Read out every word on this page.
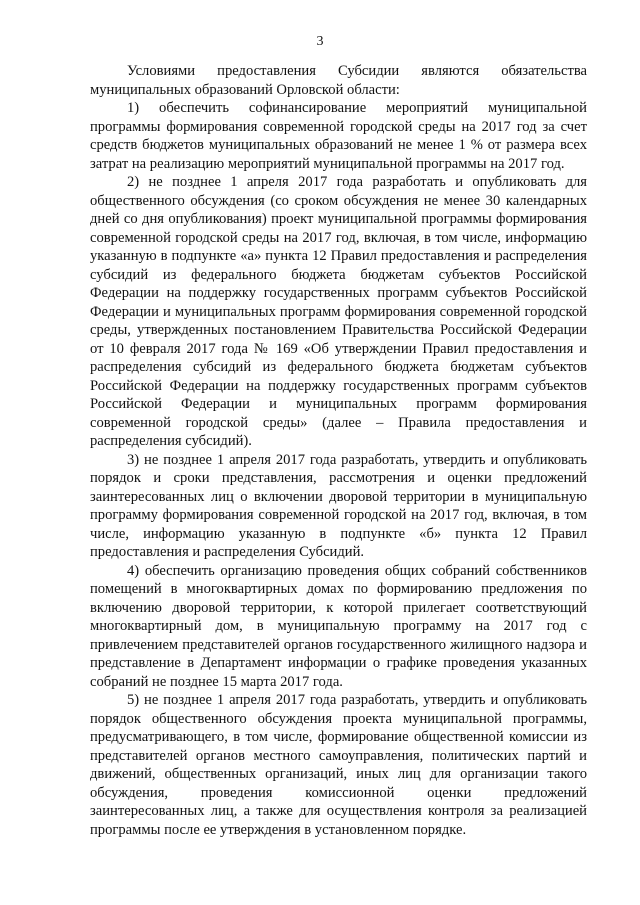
3

Условиями предоставления Субсидии являются обязательства муниципальных образований Орловской области:

1) обеспечить софинансирование мероприятий муниципальной программы формирования современной городской среды на 2017 год за счет средств бюджетов муниципальных образований не менее 1 % от размера всех затрат на реализацию мероприятий муниципальной программы на 2017 год.

2) не позднее 1 апреля 2017 года разработать и опубликовать для общественного обсуждения (со сроком обсуждения не менее 30 календарных дней со дня опубликования) проект муниципальной программы формирования современной городской среды на 2017 год, включая, в том числе, информацию указанную в подпункте «а» пункта 12 Правил предоставления и распределения субсидий из федерального бюджета бюджетам субъектов Российской Федерации на поддержку государственных программ субъектов Российской Федерации и муниципальных программ формирования современной городской среды, утвержденных постановлением Правительства Российской Федерации от 10 февраля 2017 года № 169 «Об утверждении Правил предоставления и распределения субсидий из федерального бюджета бюджетам субъектов Российской Федерации на поддержку государственных программ субъектов Российской Федерации и муниципальных программ формирования современной городской среды» (далее – Правила предоставления и распределения субсидий).

3) не позднее 1 апреля 2017 года разработать, утвердить и опубликовать порядок и сроки представления, рассмотрения и оценки предложений заинтересованных лиц о включении дворовой территории в муниципальную программу формирования современной городской на 2017 год, включая, в том числе, информацию указанную в подпункте «б» пункта 12 Правил предоставления и распределения Субсидий.

4) обеспечить организацию проведения общих собраний собственников помещений в многоквартирных домах по формированию предложения по включению дворовой территории, к которой прилегает соответствующий многоквартирный дом, в муниципальную программу на 2017 год с привлечением представителей органов государственного жилищного надзора и представление в Департамент информации о графике проведения указанных собраний не позднее 15 марта 2017 года.

5) не позднее 1 апреля 2017 года разработать, утвердить и опубликовать порядок общественного обсуждения проекта муниципальной программы, предусматривающего, в том числе, формирование общественной комиссии из представителей органов местного самоуправления, политических партий и движений, общественных организаций, иных лиц для организации такого обсуждения, проведения комиссионной оценки предложений заинтересованных лиц, а также для осуществления контроля за реализацией программы после ее утверждения в установленном порядке.
